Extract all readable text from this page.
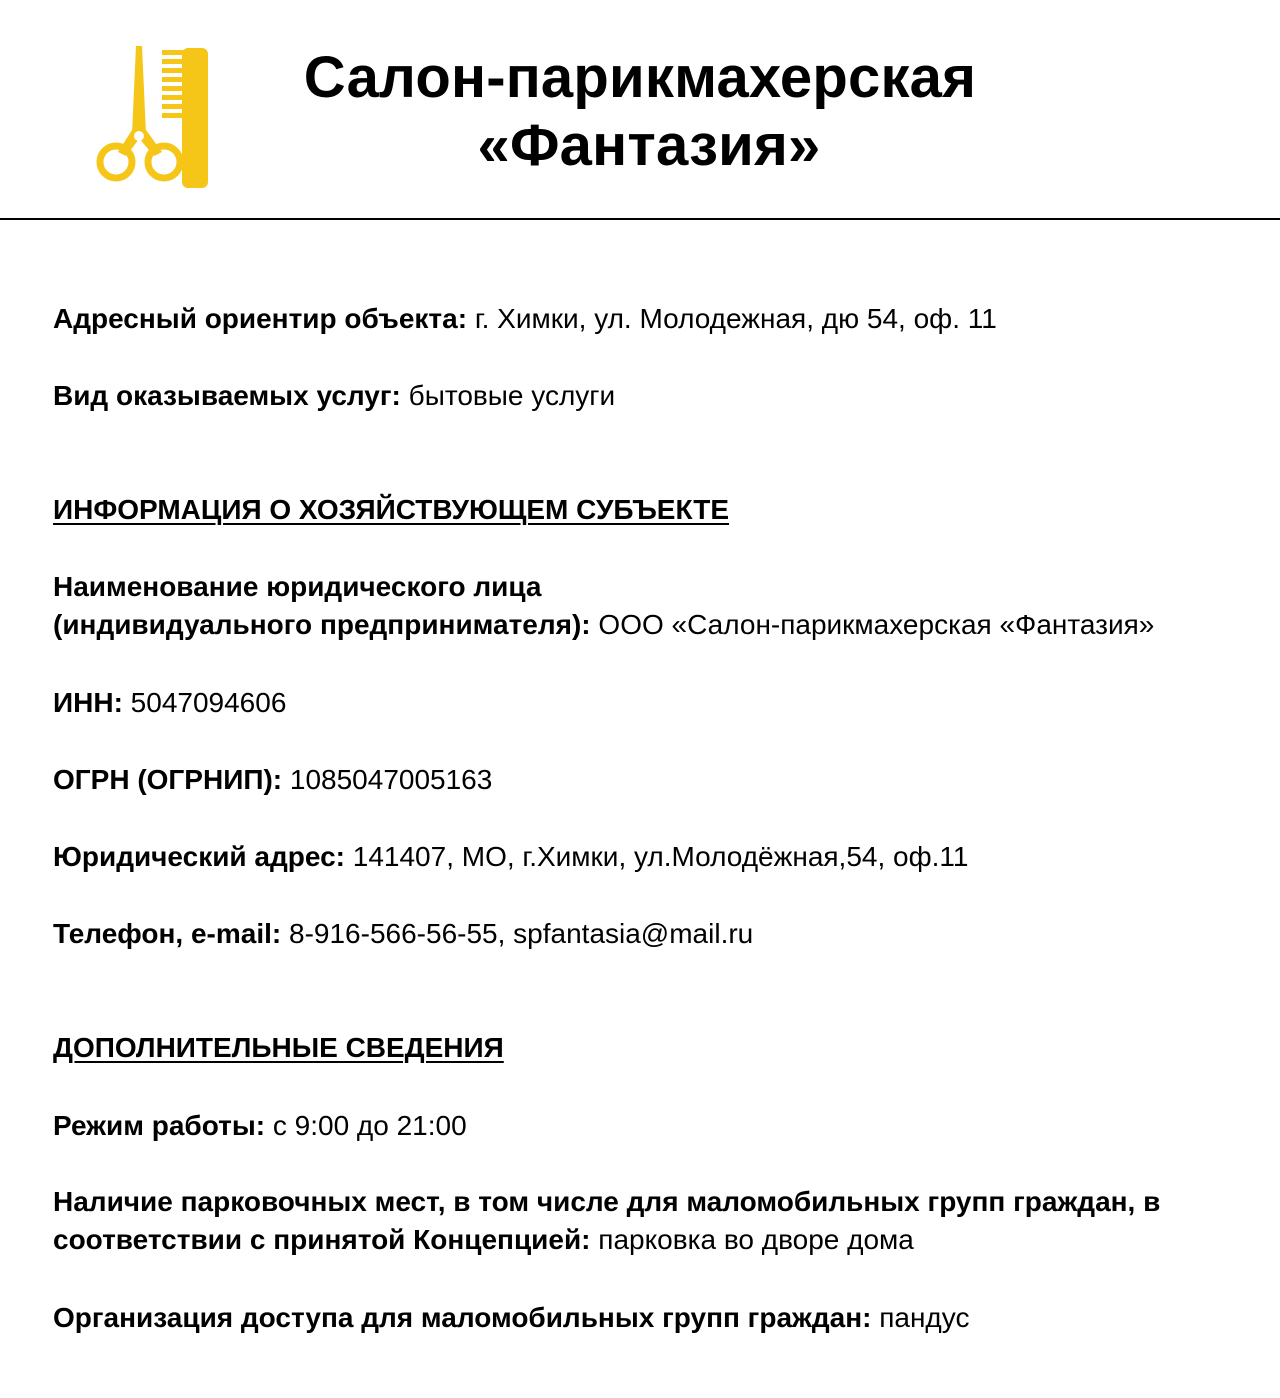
Салон-парикмахерская
«Фантазия»
Адресный ориентир объекта: г. Химки, ул. Молодежная, дю 54, оф. 11
Вид оказываемых услуг: бытовые услуги
ИНФОРМАЦИЯ О ХОЗЯЙСТВУЮЩЕМ СУБЪЕКТЕ
Наименование юридического лица
(индивидуального предпринимателя): ООО «Салон-парикмахерская «Фантазия»
ИНН: 5047094606
ОГРН (ОГРНИП): 1085047005163
Юридический адрес: 141407, МО, г.Химки, ул.Молодёжная,54, оф.11
Телефон, e-mail: 8-916-566-56-55, spfantasia@mail.ru
ДОПОЛНИТЕЛЬНЫЕ СВЕДЕНИЯ
Режим работы: с 9:00 до 21:00
Наличие парковочных мест, в том числе для маломобильных групп граждан, в
соответствии с принятой Концепцией: парковка во дворе дома
Организация доступа для маломобильных групп граждан: пандус
